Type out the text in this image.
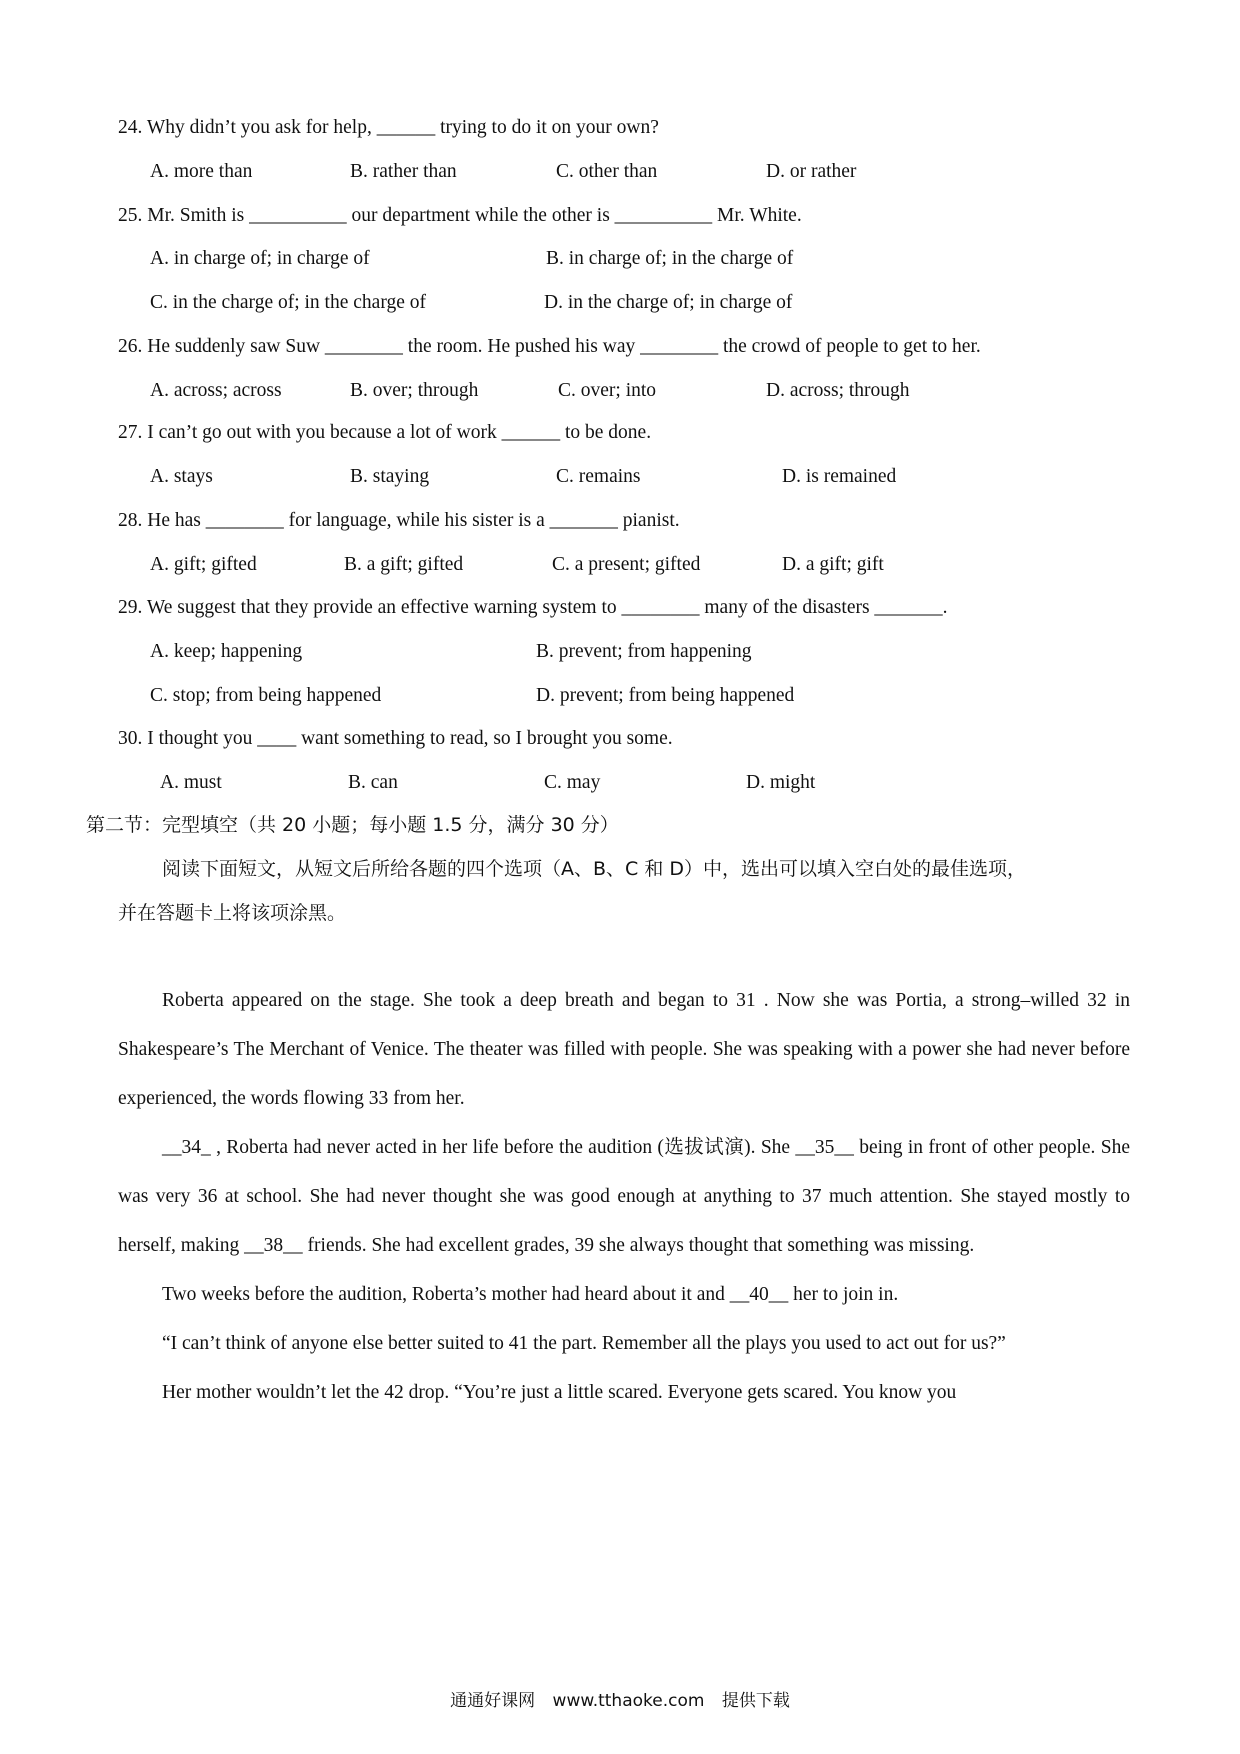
24. Why didn’t you ask for help, ______ trying to do it on your own?
A. more than	B. rather than	C. other than	D. or rather
25. Mr. Smith is __________ our department while the other is __________ Mr. White.
A. in charge of; in charge of	B. in charge of; in the charge of
C. in the charge of; in the charge of	D. in the charge of; in charge of
26. He suddenly saw Suw ________ the room. He pushed his way ________ the crowd of people to get to her.
A. across; across	B. over; through	C. over; into	D. across; through
27. I can’t go out with you because a lot of work ______ to be done.
A. stays	B. staying	C. remains	D. is remained
28. He has ________ for language, while his sister is a _______ pianist.
A. gift; gifted	B. a gift; gifted	C. a present; gifted	D. a gift; gift
29. We suggest that they provide an effective warning system to ________ many of the disasters _______.
A. keep; happening	B. prevent; from happening
C. stop; from being happened	D. prevent; from being happened
30. I thought you ____ want something to read, so I brought you some.
A. must	B. can	C. may	D. might
第二节：完型填空（共 20 小题；每小题 1.5 分，满分 30 分）
阅读下面短文，从短文后所给各题的四个选项（A、B、C 和 D）中，选出可以填入空白处的最佳选项，
并在答题卡上将该项涂黑。

Roberta appeared on the stage. She took a deep breath and began to 31 . Now she was Portia, a strong–willed 32 in Shakespeare’s The Merchant of Venice. The theater was filled with people. She was speaking with a power she had never before experienced, the words flowing 33 from her.

__34_ , Roberta had never acted in her life before the audition (选拔试演). She __35__ being in front of other people. She was very 36 at school. She had never thought she was good enough at anything to 37 much attention. She stayed mostly to herself, making __38__ friends. She had excellent grades, 39 she always thought that something was missing.

Two weeks before the audition, Roberta’s mother had heard about it and __40__ her to join in.

“I can’t think of anyone else better suited to 41 the part. Remember all the plays you used to act out for us?”

Her mother wouldn’t let the 42 drop. “You’re just a little scared. Everyone gets scared. You know you

通通好课网 www.tthaoke.com 提供下载
